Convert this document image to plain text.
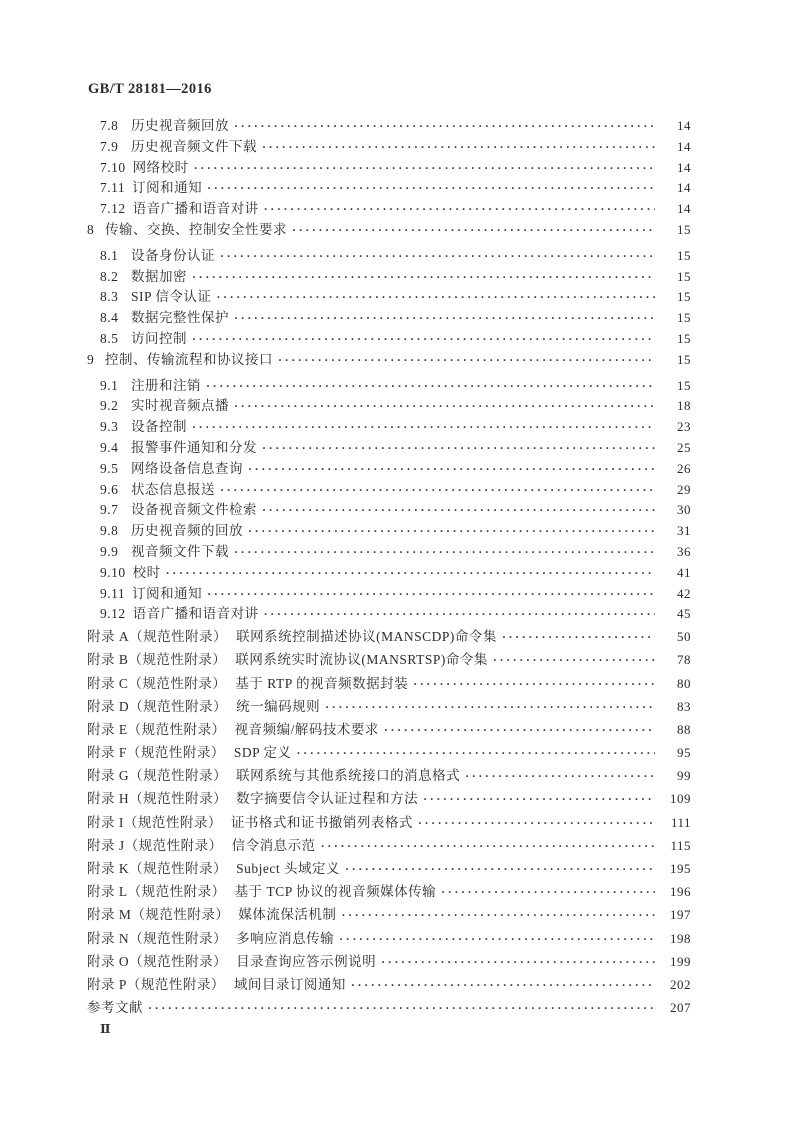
GB/T 28181—2016
7.8 历史视音频回放 ·····	14
7.9 历史视音频文件下载 ·····	14
7.10 网络校时 ·····	14
7.11 订阅和通知 ·····	14
7.12 语音广播和语音对讲 ·····	14
8 传输、交换、控制安全性要求 ·····	15
8.1 设备身份认证 ·····	15
8.2 数据加密 ·····	15
8.3 SIP 信令认证 ·····	15
8.4 数据完整性保护 ·····	15
8.5 访问控制 ·····	15
9 控制、传输流程和协议接口 ·····	15
9.1 注册和注销 ·····	15
9.2 实时视音频点播 ·····	18
9.3 设备控制 ·····	23
9.4 报警事件通知和分发 ·····	25
9.5 网络设备信息查询 ·····	26
9.6 状态信息报送 ·····	29
9.7 设备视音频文件检索 ·····	30
9.8 历史视音频的回放 ·····	31
9.9 视音频文件下载 ·····	36
9.10 校时 ·····	41
9.11 订阅和通知 ·····	42
9.12 语音广播和语音对讲 ·····	45
附录 A（规范性附录） 联网系统控制描述协议(MANSCDP)命令集 ·····	50
附录 B（规范性附录） 联网系统实时流协议(MANSRTSP)命令集 ·····	78
附录 C（规范性附录） 基于 RTP 的视音频数据封装 ·····	80
附录 D（规范性附录） 统一编码规则 ·····	83
附录 E（规范性附录） 视音频编/解码技术要求 ·····	88
附录 F（规范性附录） SDP 定义 ·····	95
附录 G（规范性附录） 联网系统与其他系统接口的消息格式 ·····	99
附录 H（规范性附录） 数字摘要信令认证过程和方法 ·····	109
附录 I（规范性附录） 证书格式和证书撤销列表格式 ·····	111
附录 J（规范性附录） 信令消息示范 ·····	115
附录 K（规范性附录） Subject 头域定义 ·····	195
附录 L（规范性附录） 基于 TCP 协议的视音频媒体传输 ·····	196
附录 M（规范性附录） 媒体流保活机制 ·····	197
附录 N（规范性附录） 多响应消息传输 ·····	198
附录 O（规范性附录） 目录查询应答示例说明 ·····	199
附录 P（规范性附录） 域间目录订阅通知 ·····	202
参考文献 ·····	207
Ⅱ
